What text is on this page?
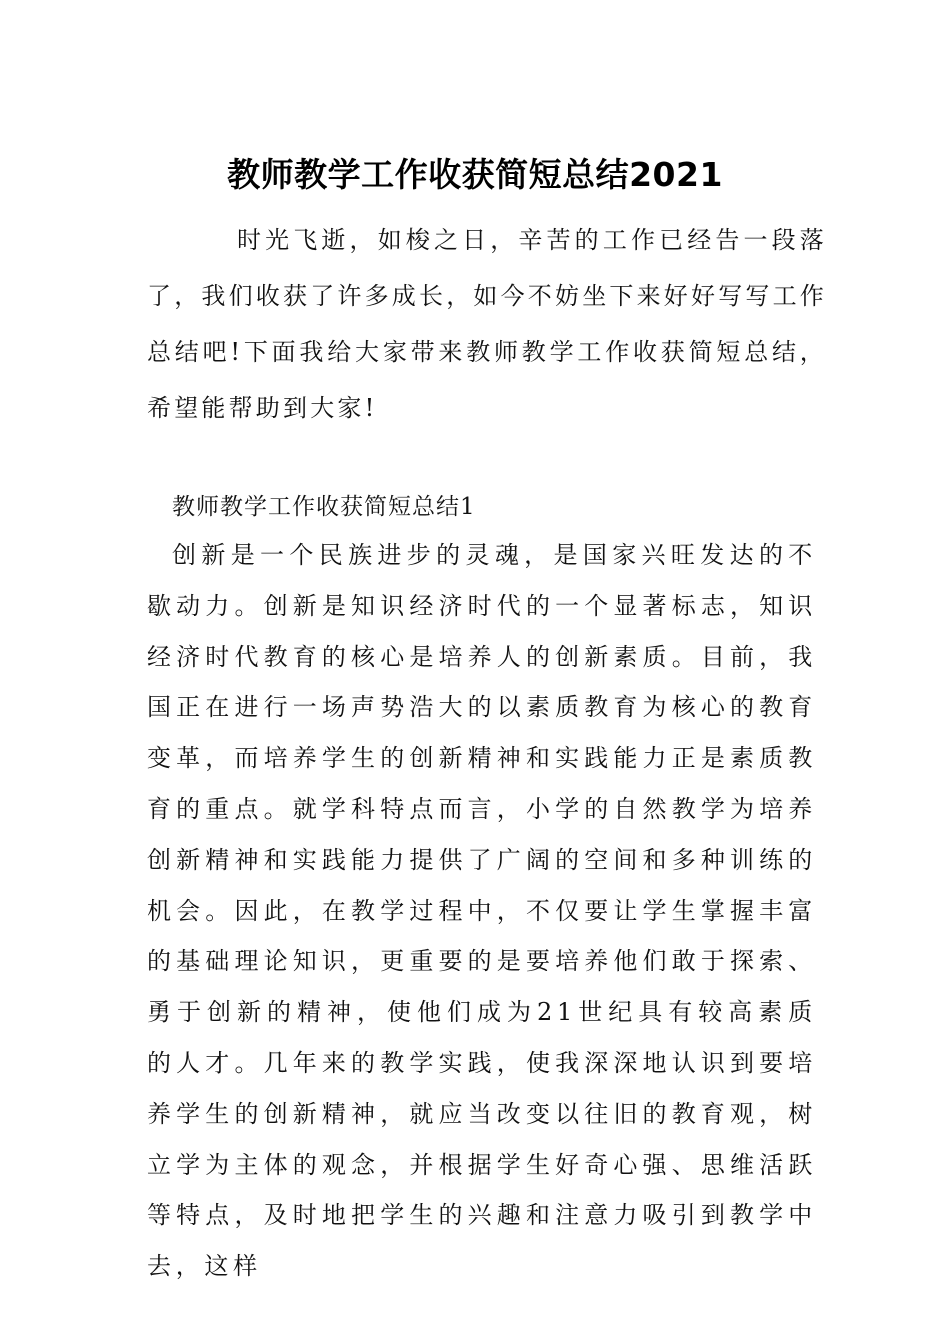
教师教学工作收获简短总结2021

时光飞逝，如梭之日，辛苦的工作已经告一段落了，我们收获了许多成长，如今不妨坐下来好好写写工作总结吧!下面我给大家带来教师教学工作收获简短总结，希望能帮助到大家!

教师教学工作收获简短总结1

创新是一个民族进步的灵魂，是国家兴旺发达的不歇动力。创新是知识经济时代的一个显著标志，知识经济时代教育的核心是培养人的创新素质。目前，我国正在进行一场声势浩大的以素质教育为核心的教育变革，而培养学生的创新精神和实践能力正是素质教育的重点。就学科特点而言，小学的自然教学为培养创新精神和实践能力提供了广阔的空间和多种训练的机会。因此，在教学过程中，不仅要让学生掌握丰富的基础理论知识，更重要的是要培养他们敢于探索、勇于创新的精神，使他们成为21世纪具有较高素质的人才。几年来的教学实践，使我深深地认识到要培养学生的创新精神，就应当改变以往旧的教育观，树立学为主体的观念，并根据学生好奇心强、思维活跃等特点，及时地把学生的兴趣和注意力吸引到教学中去，这样
